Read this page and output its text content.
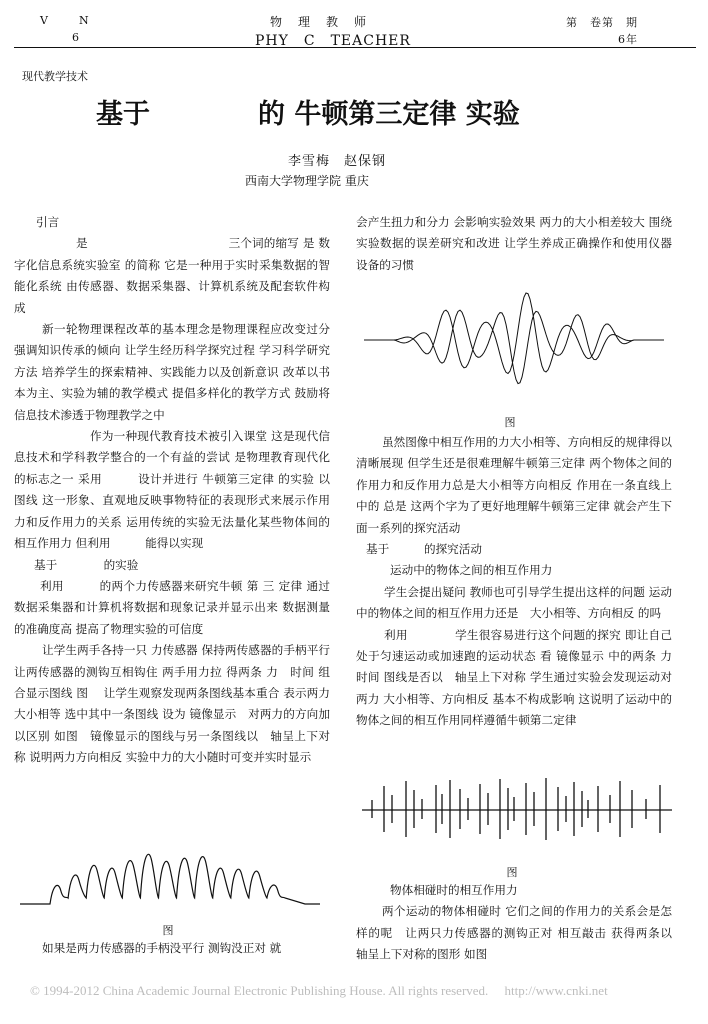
V	N
6
物　理　教　师
PHY　C　TEACHER
第　卷第　期
6年
现代教学技术
基于　　　　的 牛顿第三定律 实验
李雪梅　赵保钢
西南大学物理学院 重庆

引言

是　　　　　　　　　　　　三个词的缩写 是 数字化信息系统实验室 的简称 它是一种用于实时采集数据的智能化系统 由传感器、数据采集器、计算机系统及配套软件构成

新一轮物理课程改革的基本理念是物理课程应改变过分强调知识传承的倾向 让学生经历科学探究过程 学习科学研究方法 培养学生的探索精神、实践能力以及创新意识 改革以书本为主、实验为辅的教学模式 提倡多样化的教学方式 鼓励将信息技术渗透于物理教学之中

作为一种现代教育技术被引入课堂 这是现代信息技术和学科教学整合的一个有益的尝试 是物理教育现代化的标志之一 采用　　　设计并进行 牛顿第三定律 的实验 以 图线 这一形象、直观地反映事物特征的表现形式来展示作用力和反作用力的关系 运用传统的实验无法量化某些物体间的相互作用力 但利用　　　能得以实现

基于　　　　的实验

利用　　　的两个力传感器来研究牛顿 第 三 定律 通过数据采集器和计算机将数据和现象记录并显示出来 数据测量的准确度高 提高了物理实验的可信度

让学生两手各持一只 力传感器 保持两传感器的手柄平行 让两传感器的测钩互相钩住 两手用力拉 得两条 力　时间 组合显示图线 图　 让学生观察发现两条图线基本重合 表示两力大小相等 选中其中一条图线 设为 镜像显示　对两力的方向加以区别 如图　镜像显示的图线与另一条图线以　轴呈上下对称 说明两力方向相反 实验中力的大小随时可变并实时显示

图

如果是两力传感器的手柄没平行 测钩没正对 就

会产生扭力和分力 会影响实验效果 两力的大小相差较大 围绕实验数据的误差研究和改进 让学生养成正确操作和使用仪器设备的习惯

图

虽然图像中相互作用的力大小相等、方向相反的规律得以清晰展现 但学生还是很难理解牛顿第三定律 两个物体之间的作用力和反作用力总是大小相等方向相反 作用在一条直线上　中的 总是 这两个字为了更好地理解牛顿第三定律 就会产生下面一系列的探究活动

基于　　　的探究活动

运动中的物体之间的相互作用力

学生会提出疑问 教师也可引导学生提出这样的问题 运动中的物体之间的相互作用力还是　大小相等、方向相反 的吗

利用　　　　学生很容易进行这个问题的探究 即让自己处于匀速运动或加速跑的运动状态 看 镜像显示 中的两条 力　时间 图线是否以　轴呈上下对称 学生通过实验会发现运动对两力 大小相等、方向相反 基本不构成影响 这说明了运动中的物体之间的相互作用同样遵循牛顿第二定律

图

物体相碰时的相互作用力

两个运动的物体相碰时 它们之间的作用力的关系会是怎样的呢　让两只力传感器的测钩正对 相互敲击 获得两条以　轴呈上下对称的图形 如图

© 1994-2012 China Academic Journal Electronic Publishing House. All rights reserved.　 http://www.cnki.net
